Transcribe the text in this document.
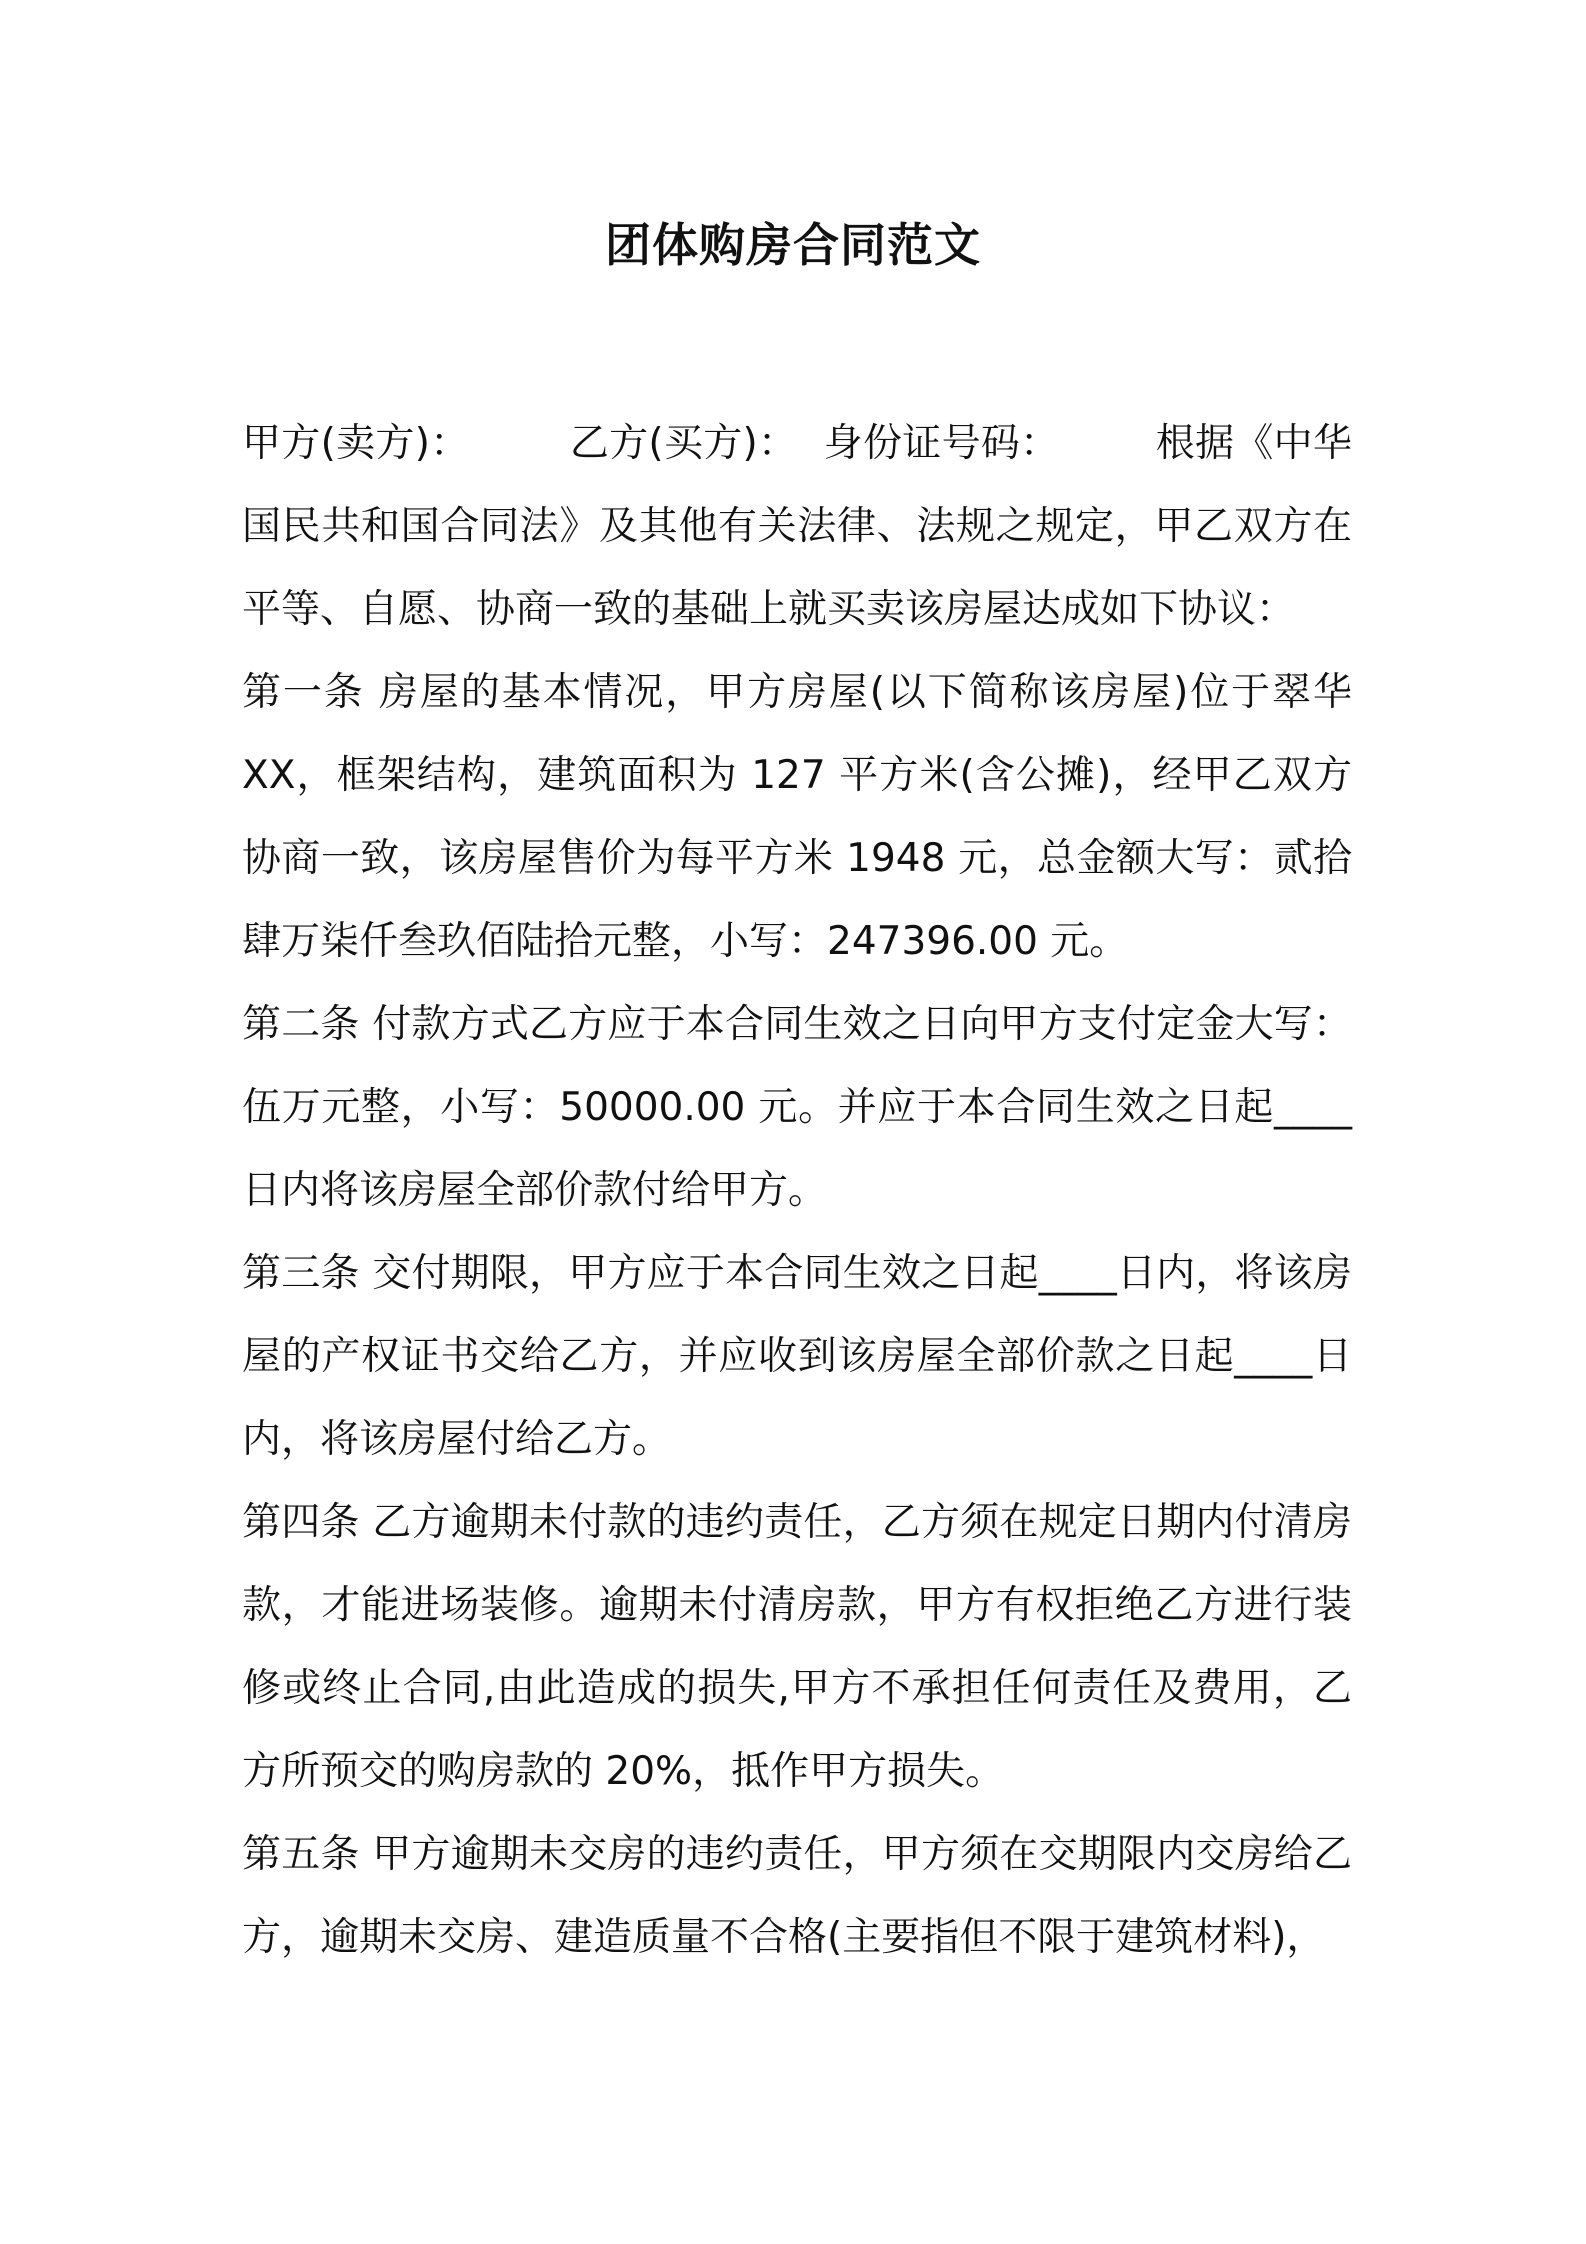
团体购房合同范文

甲方(卖方)：	乙方(买方)： 身份证号码： 根据《中华国民共和国合同法》及其他有关法律、法规之规定，甲乙双方在平等、自愿、协商一致的基础上就买卖该房屋达成如下协议：

第一条 房屋的基本情况，甲方房屋(以下简称该房屋)位于翠华XX，框架结构，建筑面积为 127 平方米(含公摊)，经甲乙双方协商一致，该房屋售价为每平方米 1948 元，总金额大写：贰拾肆万柒仟叁玖佰陆拾元整，小写：247396.00 元。

第二条 付款方式乙方应于本合同生效之日向甲方支付定金大写：伍万元整，小写：50000.00 元。并应于本合同生效之日起____日内将该房屋全部价款付给甲方。

第三条 交付期限，甲方应于本合同生效之日起____日内，将该房屋的产权证书交给乙方，并应收到该房屋全部价款之日起____日内，将该房屋付给乙方。

第四条 乙方逾期未付款的违约责任，乙方须在规定日期内付清房款，才能进场装修。逾期未付清房款，甲方有权拒绝乙方进行装修或终止合同,由此造成的损失,甲方不承担任何责任及费用，乙方所预交的购房款的 20%，抵作甲方损失。

第五条 甲方逾期未交房的违约责任，甲方须在交期限内交房给乙方，逾期未交房、建造质量不合格(主要指但不限于建筑材料)，
